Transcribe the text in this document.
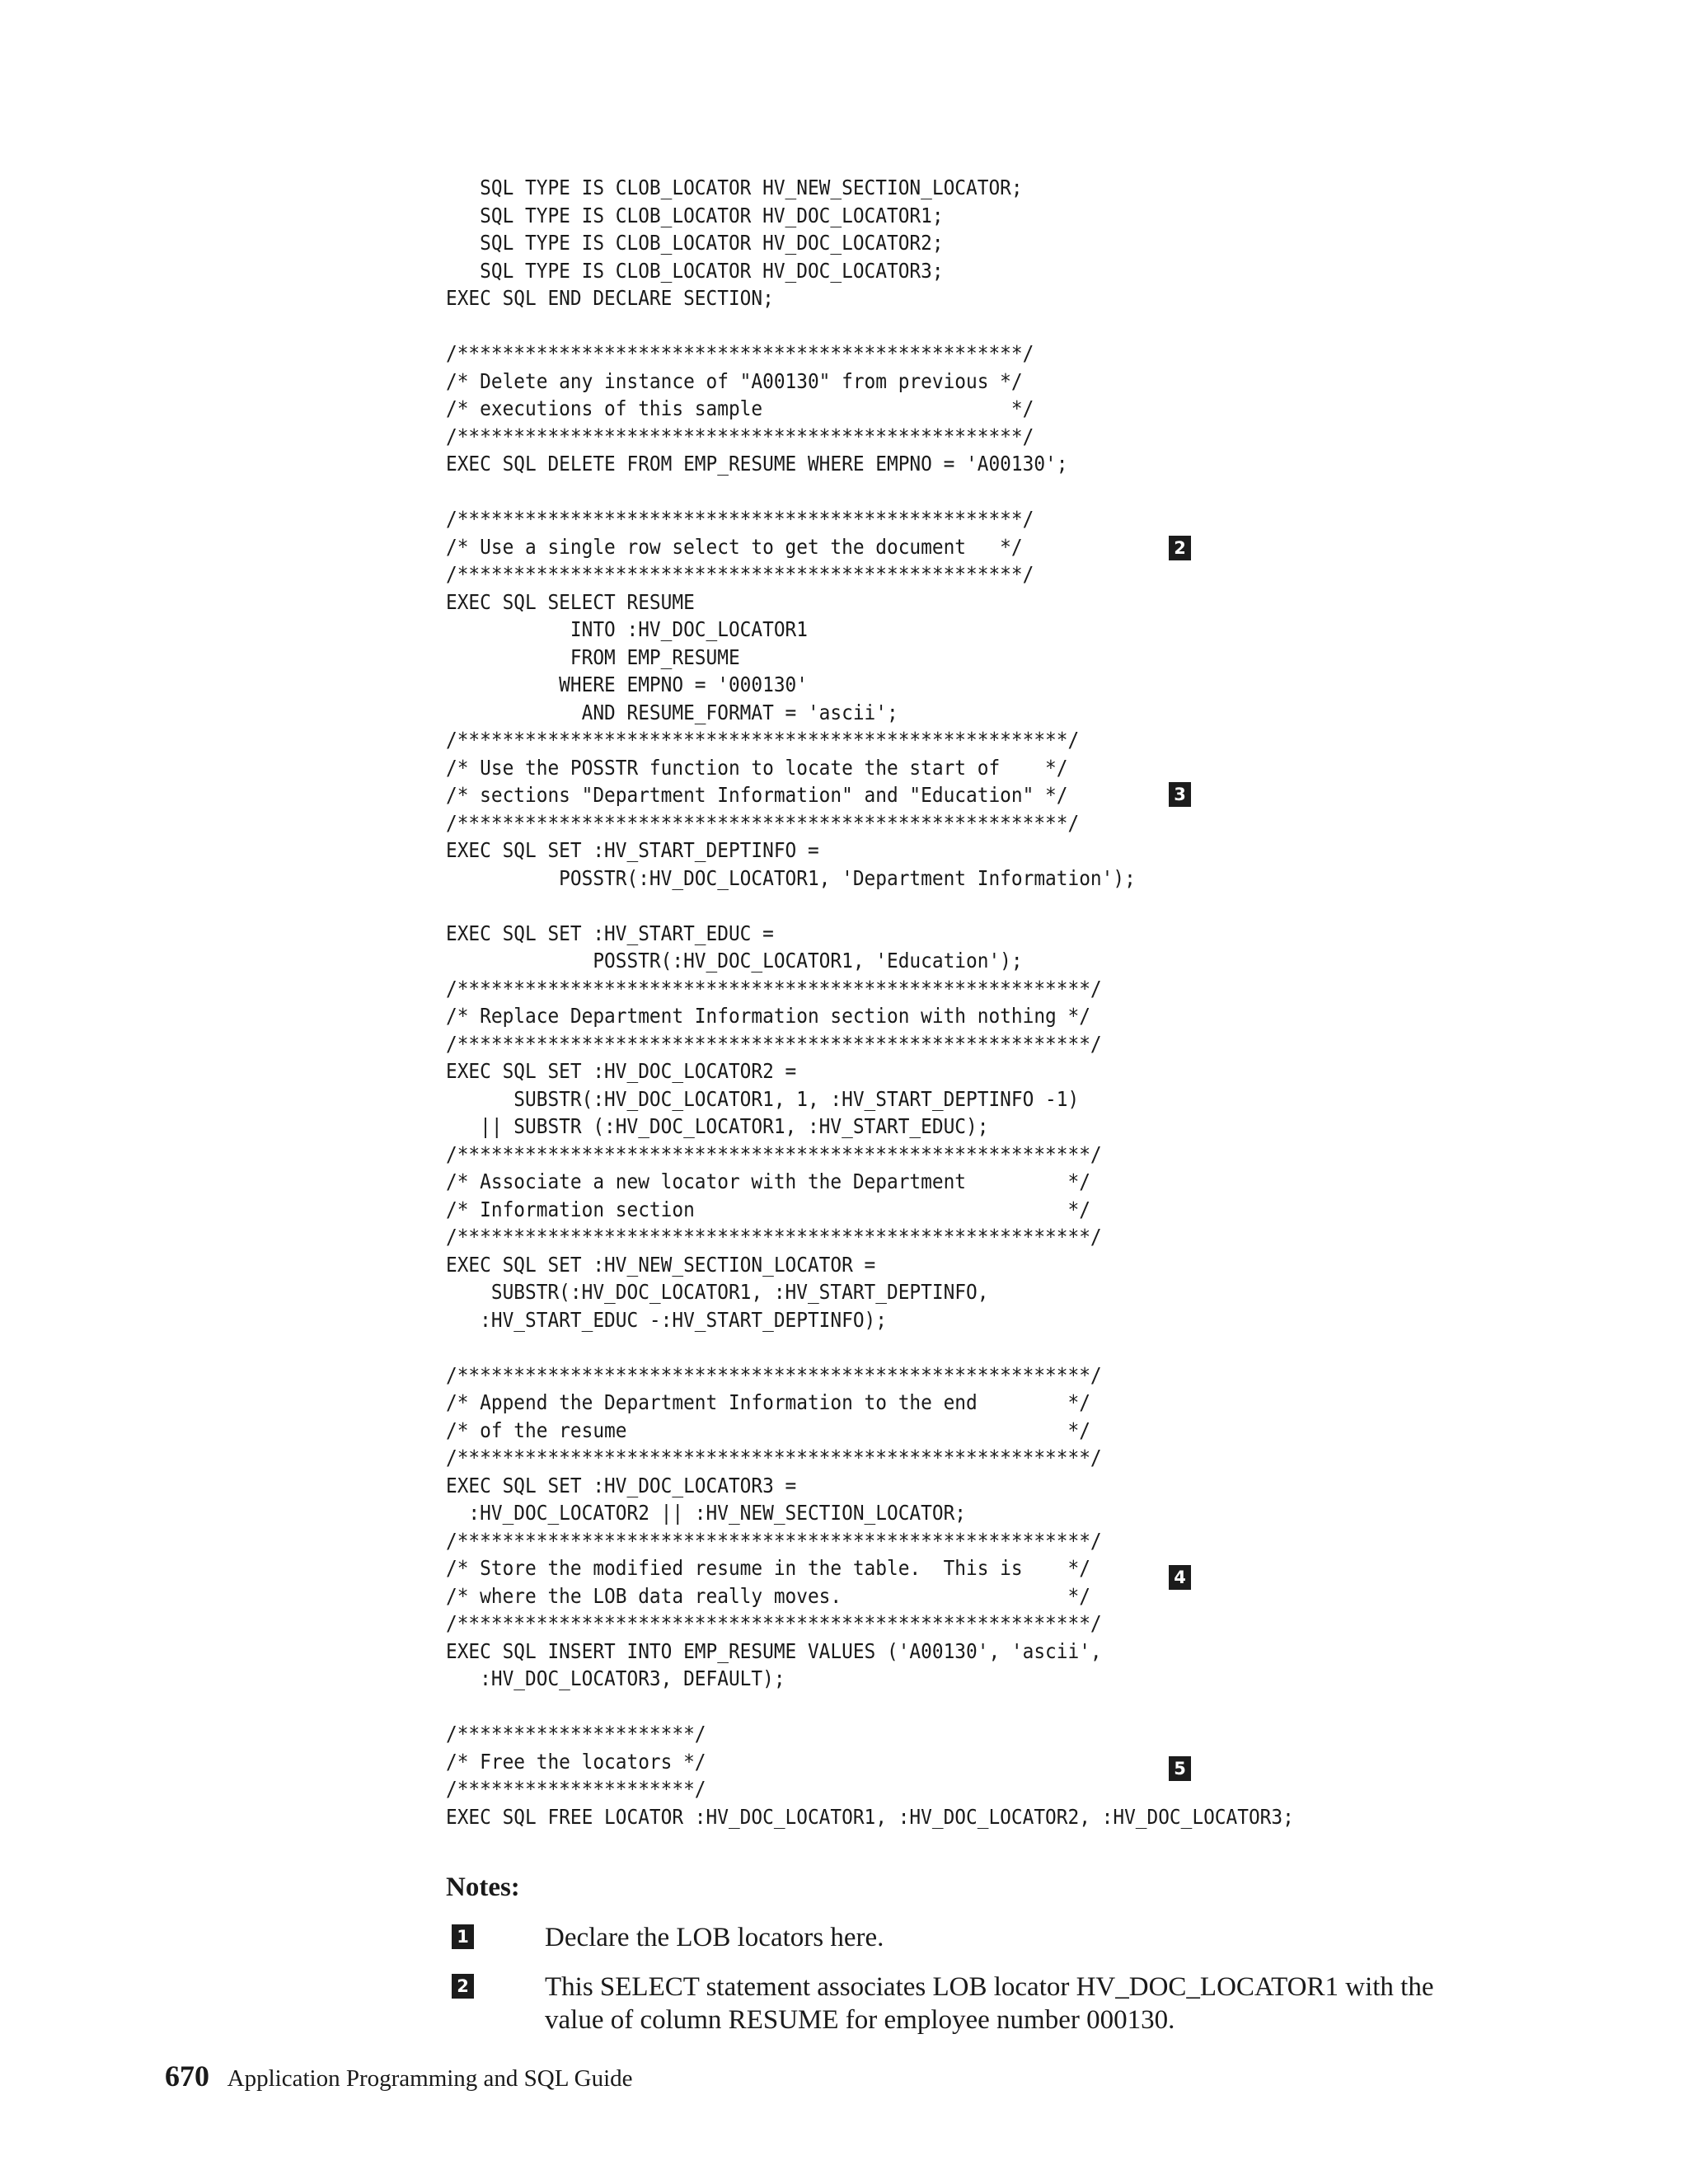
SQL TYPE IS CLOB_LOCATOR HV_NEW_SECTION_LOCATOR;
SQL TYPE IS CLOB_LOCATOR HV_DOC_LOCATOR1;
SQL TYPE IS CLOB_LOCATOR HV_DOC_LOCATOR2;
SQL TYPE IS CLOB_LOCATOR HV_DOC_LOCATOR3;
EXEC SQL END DECLARE SECTION;
/**************************************************/
/* Delete any instance of "A00130" from previous */
/* executions of this sample                      */
/**************************************************/
EXEC SQL DELETE FROM EMP_RESUME WHERE EMPNO = 'A00130';
/**************************************************/
/* Use a single row select to get the document   */
/**************************************************/
EXEC SQL SELECT RESUME
INTO :HV_DOC_LOCATOR1
FROM EMP_RESUME
WHERE EMPNO = '000130'
AND RESUME_FORMAT = 'ascii';
/******************************************************/
/* Use the POSSTR function to locate the start of    */
/* sections "Department Information" and "Education" */
/******************************************************/
EXEC SQL SET :HV_START_DEPTINFO =
POSSTR(:HV_DOC_LOCATOR1, 'Department Information');
EXEC SQL SET :HV_START_EDUC =
POSSTR(:HV_DOC_LOCATOR1, 'Education');
/********************************************************/
/* Replace Department Information section with nothing */
/********************************************************/
EXEC SQL SET :HV_DOC_LOCATOR2 =
SUBSTR(:HV_DOC_LOCATOR1, 1, :HV_START_DEPTINFO -1)
|| SUBSTR (:HV_DOC_LOCATOR1, :HV_START_EDUC);
/********************************************************/
/* Associate a new locator with the Department         */
/* Information section                                 */
/********************************************************/
EXEC SQL SET :HV_NEW_SECTION_LOCATOR =
SUBSTR(:HV_DOC_LOCATOR1, :HV_START_DEPTINFO,
:HV_START_EDUC -:HV_START_DEPTINFO);
/********************************************************/
/* Append the Department Information to the end        */
/* of the resume                                       */
/********************************************************/
EXEC SQL SET :HV_DOC_LOCATOR3 =
:HV_DOC_LOCATOR2 || :HV_NEW_SECTION_LOCATOR;
/********************************************************/
/* Store the modified resume in the table.  This is    */
/* where the LOB data really moves.                    */
/********************************************************/
EXEC SQL INSERT INTO EMP_RESUME VALUES ('A00130', 'ascii',
:HV_DOC_LOCATOR3, DEFAULT);
/*********************/
/* Free the locators */
/*********************/
EXEC SQL FREE LOCATOR :HV_DOC_LOCATOR1, :HV_DOC_LOCATOR2, :HV_DOC_LOCATOR3;
2
3
4
5
Notes:
1	Declare the LOB locators here.
2	This SELECT statement associates LOB locator HV_DOC_LOCATOR1 with the value of column RESUME for employee number 000130.
670 Application Programming and SQL Guide
